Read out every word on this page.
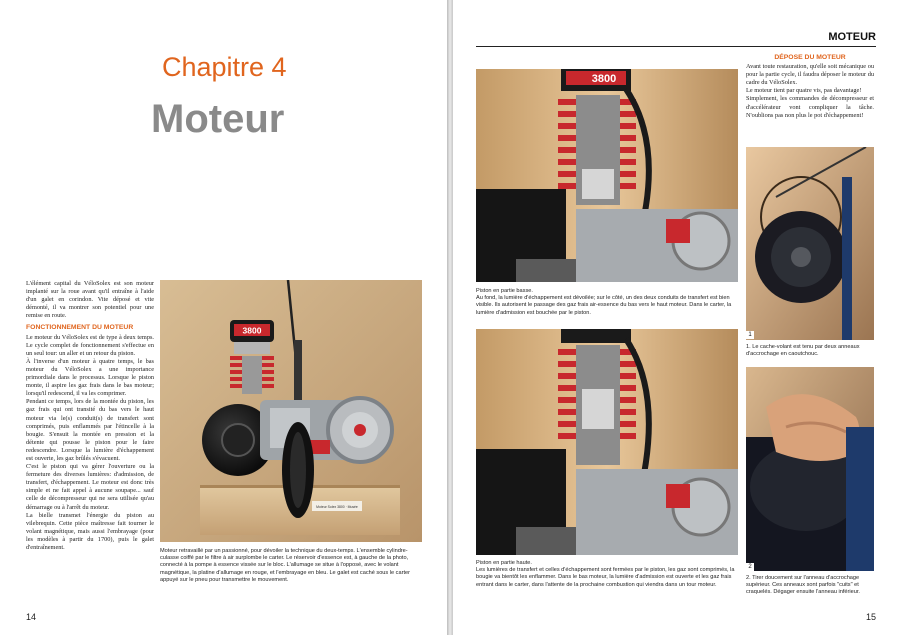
Chapitre 4
Moteur

L'élément capital du VéloSolex est son moteur implanté sur la roue avant qu'il entraîne à l'aide d'un galet en corindon. Vite déposé et vite démonté, il va montrer son potentiel pour une remise en route.

FONCTIONNEMENT DU MOTEUR

Le moteur du VéloSolex est de type à deux temps. Le cycle complet de fonctionnement s'effectue en un seul tour: un aller et un retour du piston.

À l'inverse d'un moteur à quatre temps, le bas moteur du VéloSolex a une importance primordiale dans le processus. Lorsque le piston monte, il aspire les gaz frais dans le bas moteur; lorsqu'il redescend, il va les comprimer.

Pendant ce temps, lors de la montée du piston, les gaz frais qui ont transité du bas vers le haut moteur via le(s) conduit(s) de transfert sont comprimés, puis enflammés par l'étincelle à la bougie. S'ensuit la montée en pression et la détente qui pousse le piston pour le faire redescendre. Lorsque la lumière d'échappement est ouverte, les gaz brûlés s'évacuent.

C'est le piston qui va gérer l'ouverture ou la fermeture des diverses lumières: d'admission, de transfert, d'échappement. Le moteur est donc très simple et ne fait appel à aucune soupape... sauf celle de décompresseur qui ne sera utilisée qu'au démarrage ou à l'arrêt du moteur.

La bielle transmet l'énergie du piston au vilebrequin. Cette pièce maîtresse fait tourner le volant magnétique, mais aussi l'embrayage (pour les modèles à partir du 1700), puis le galet d'entraînement.

Moteur Solex 3800 · Musée
3800
Moteur retravaillé par un passionné, pour dévoiler la technique du deux-temps. L'ensemble cylindre-culasse coiffé par le filtre à air surplombe le carter. Le réservoir d'essence est, à gauche de la photo, connecté à la pompe à essence vissée sur le bloc. L'allumage se situe à l'opposé, avec le volant magnétique, la platine d'allumage en rouge, et l'embrayage en bleu. Le galet est caché sous le carter appuyé sur le pneu pour transmettre le mouvement.
14
MOTEUR
3800

Piston en partie basse.

Au fond, la lumière d'échappement est dévoilée; sur le côté, un des deux conduits de transfert est bien visible. Ils autorisent le passage des gaz frais air-essence du bas vers le haut moteur. Dans le carter, la lumière d'admission est bouchée par le piston.

Piston en partie haute.

Les lumières de transfert et celles d'échappement sont fermées par le piston, les gaz sont comprimés, la bougie va bientôt les enflammer. Dans le bas moteur, la lumière d'admission est ouverte et les gaz frais entrant dans le carter, dans l'attente de la prochaine combustion qui viendra dans un tour moteur.

DÉPOSE DU MOTEUR

Avant toute restauration, qu'elle soit mécanique ou pour la partie cycle, il faudra déposer le moteur du cadre du VéloSolex.

Le moteur tient par quatre vis, pas davantage!

Simplement, les commandes de décompresseur et d'accélérateur vont compliquer la tâche. N'oublions pas non plus le pot d'échappement!

1
1. Le cache-volant est tenu par deux anneaux d'accrochage en caoutchouc.
2
2. Tirer doucement sur l'anneau d'accrochage supérieur. Ces anneaux sont parfois "cuits" et craquelés. Dégager ensuite l'anneau inférieur.
15
